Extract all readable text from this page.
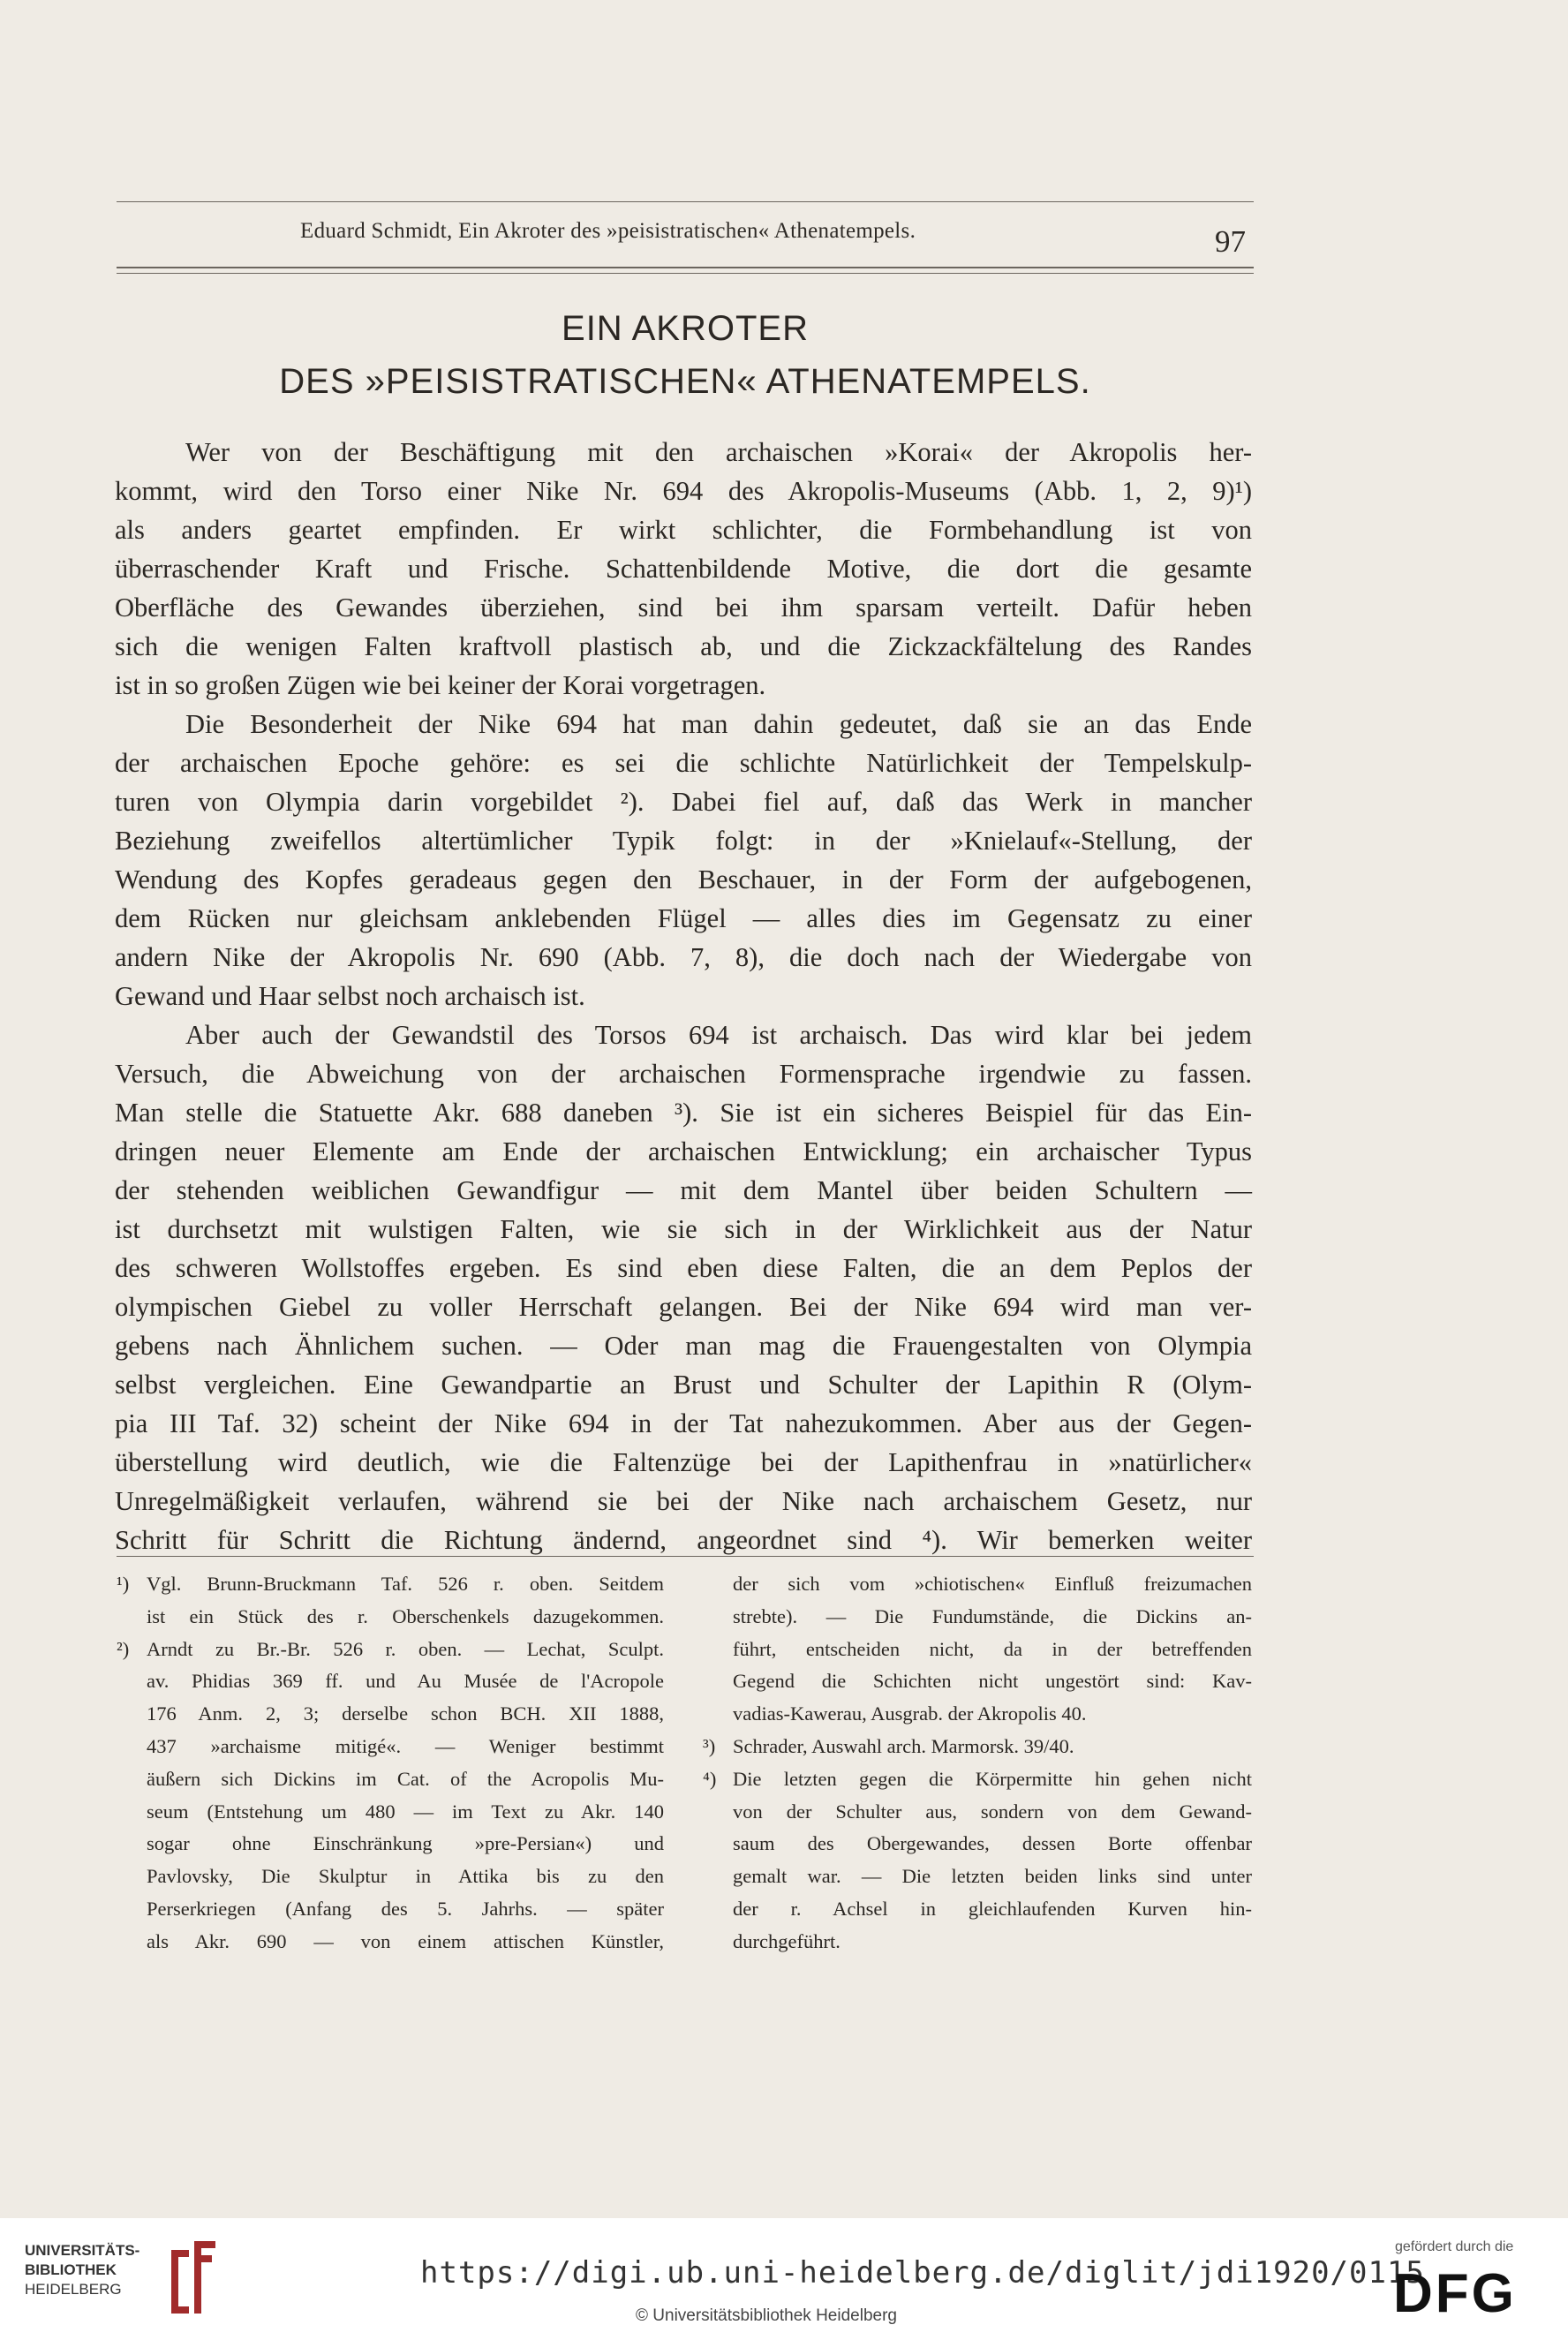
Eduard Schmidt, Ein Akroter des »peisistratischen« Athenatempels.	97
EIN AKROTER
DES »PEISISTRATISCHEN« ATHENATEMPELS.
Wer von der Beschäftigung mit den archaischen »Korai« der Akropolis her-
kommt, wird den Torso einer Nike Nr. 694 des Akropolis-Museums (Abb. 1, 2, 9)¹)
als anders geartet empfinden. Er wirkt schlichter, die Formbehandlung ist von
überraschender Kraft und Frische. Schattenbildende Motive, die dort die gesamte
Oberfläche des Gewandes überziehen, sind bei ihm sparsam verteilt. Dafür heben
sich die wenigen Falten kraftvoll plastisch ab, und die Zickzackfältelung des Randes
ist in so großen Zügen wie bei keiner der Korai vorgetragen.
Die Besonderheit der Nike 694 hat man dahin gedeutet, daß sie an das Ende
der archaischen Epoche gehöre: es sei die schlichte Natürlichkeit der Tempelskulp-
turen von Olympia darin vorgebildet ²). Dabei fiel auf, daß das Werk in mancher
Beziehung zweifellos altertümlicher Typik folgt: in der »Knielauf«-Stellung, der
Wendung des Kopfes geradeaus gegen den Beschauer, in der Form der aufgebogenen,
dem Rücken nur gleichsam anklebenden Flügel — alles dies im Gegensatz zu einer
andern Nike der Akropolis Nr. 690 (Abb. 7, 8), die doch nach der Wiedergabe von
Gewand und Haar selbst noch archaisch ist.
Aber auch der Gewandstil des Torsos 694 ist archaisch. Das wird klar bei jedem
Versuch, die Abweichung von der archaischen Formensprache irgendwie zu fassen.
Man stelle die Statuette Akr. 688 daneben ³). Sie ist ein sicheres Beispiel für das Ein-
dringen neuer Elemente am Ende der archaischen Entwicklung; ein archaischer Typus
der stehenden weiblichen Gewandfigur — mit dem Mantel über beiden Schultern —
ist durchsetzt mit wulstigen Falten, wie sie sich in der Wirklichkeit aus der Natur
des schweren Wollstoffes ergeben. Es sind eben diese Falten, die an dem Peplos der
olympischen Giebel zu voller Herrschaft gelangen. Bei der Nike 694 wird man ver-
gebens nach Ähnlichem suchen. — Oder man mag die Frauengestalten von Olympia
selbst vergleichen. Eine Gewandpartie an Brust und Schulter der Lapithin R (Olym-
pia III Taf. 32) scheint der Nike 694 in der Tat nahezukommen. Aber aus der Gegen-
überstellung wird deutlich, wie die Faltenzüge bei der Lapithenfrau in »natürlicher«
Unregelmäßigkeit verlaufen, während sie bei der Nike nach archaischem Gesetz, nur
Schritt für Schritt die Richtung ändernd, angeordnet sind ⁴). Wir bemerken weiter
¹) Vgl. Brunn-Bruckmann Taf. 526 r. oben. Seitdem
ist ein Stück des r. Oberschenkels dazugekommen.
²) Arndt zu Br.-Br. 526 r. oben. — Lechat, Sculpt.
av. Phidias 369 ff. und Au Musée de l'Acropole
176 Anm. 2, 3; derselbe schon BCH. XII 1888,
437 »archaisme mitigé«. — Weniger bestimmt
äußern sich Dickins im Cat. of the Acropolis Mu-
seum (Entstehung um 480 — im Text zu Akr. 140
sogar ohne Einschränkung »pre-Persian«) und
Pavlovsky, Die Skulptur in Attika bis zu den
Perserkriegen (Anfang des 5. Jahrhs. — später
als Akr. 690 — von einem attischen Künstler,
der sich vom »chiotischen« Einfluß freizumachen
strebte). — Die Fundumstände, die Dickins an-
führt, entscheiden nicht, da in der betreffenden
Gegend die Schichten nicht ungestört sind: Kav-
vadias-Kawerau, Ausgrab. der Akropolis 40.
³) Schrader, Auswahl arch. Marmorsk. 39/40.
⁴) Die letzten gegen die Körpermitte hin gehen nicht
von der Schulter aus, sondern von dem Gewand-
saum des Obergewandes, dessen Borte offenbar
gemalt war. — Die letzten beiden links sind unter
der r. Achsel in gleichlaufenden Kurven hin-
durchgeführt.
UNIVERSITÄTS-
BIBLIOTHEK
HEIDELBERG	https://digi.ub.uni-heidelberg.de/diglit/jdi1920/0115
© Universitätsbibliothek Heidelberg
gefördert durch die
DFG
